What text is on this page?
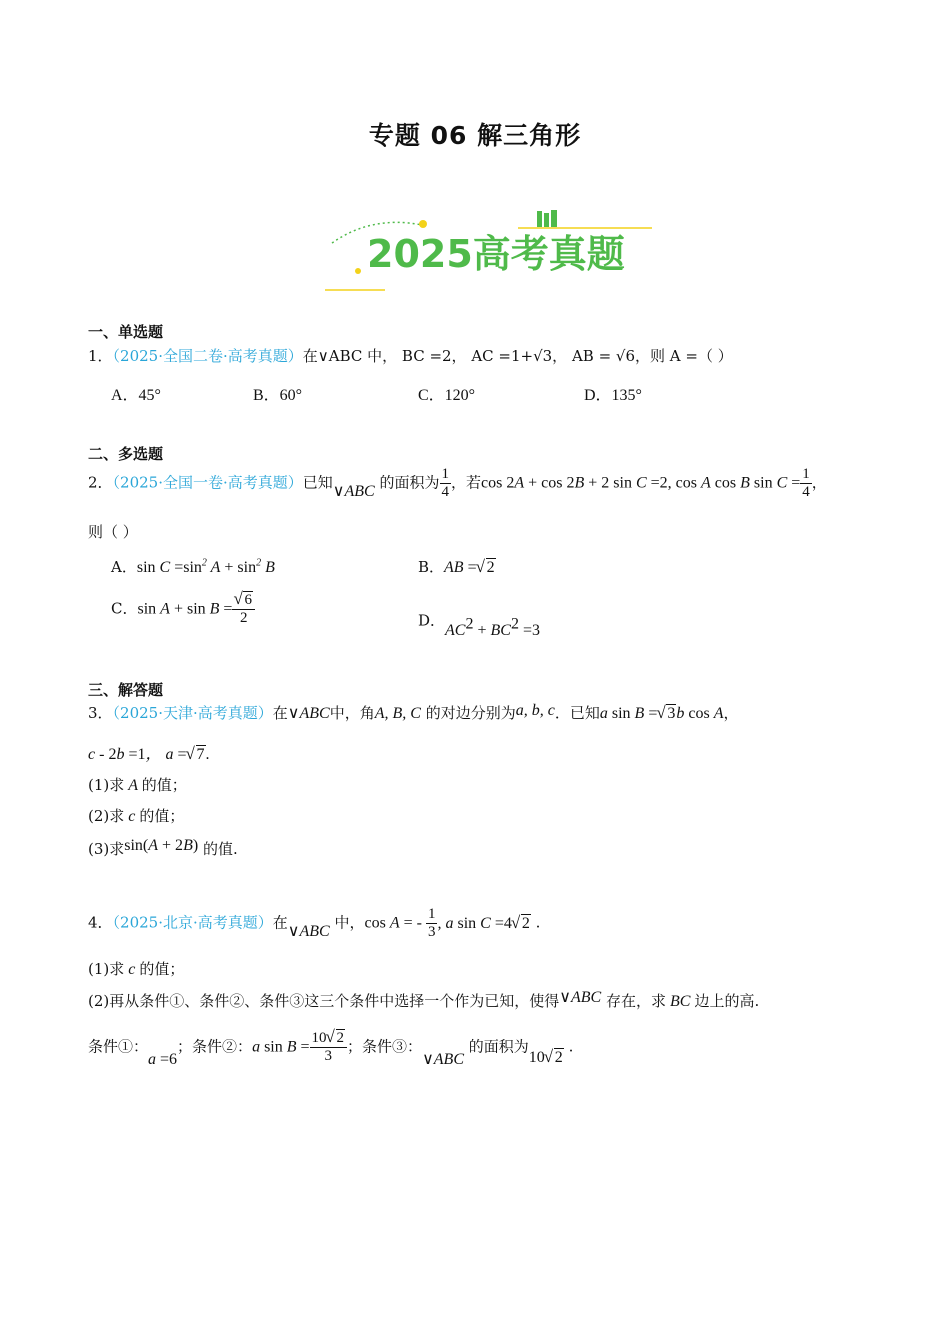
专题 06 解三角形
2025高考真题
一、单选题
1．（2025·全国二卷·高考真题）在∨ABC 中， BC =2， AC =1+√3， AB = √6，则 A =（ ）
A．45°	B．60°	C．120°	D．135°
二、多选题
2．（2025·全国一卷·高考真题）已知∨ABC 的面积为 $\frac{1}{4}$ ，若cos 2A + cos 2B + 2 sin C =2, cos A cos B $\sin C = \frac{1}{4}$ ，
则（ ）
A．$\sin C =\sin^2$ $A + \sin^2 B$	B．AB = √ 2
C．sin A + sin B = √ $\frac{6}{2}$	D．$AC^2 + BC^2 =3$
三、解答题
3．（2025·天津·高考真题）在∨ABC中，角A, B, C 的对边分别为a, b, c．已知a sin B = √ 3b cos A，
c - 2b =1， a = √ 7.
(1)求 A 的值；
(2)求 c 的值；
(3)求sin(A + 2B) 的值.
4．（2025·北京·高考真题）在∨ABC 中，cos A = - $\frac{1}{3}$ , a sin C =4 √ 2 .
(1)求 c 的值；
(2)再从条件①、条件②、条件③这三个条件中选择一个作为已知，使得∨ABC 存在，求 BC 边上的高.
条件①：a =6；条件②：a $\sin B = \frac{10 √ 2}{3}$ ；条件③：∨ABC 的面积为10 √ 2 .
